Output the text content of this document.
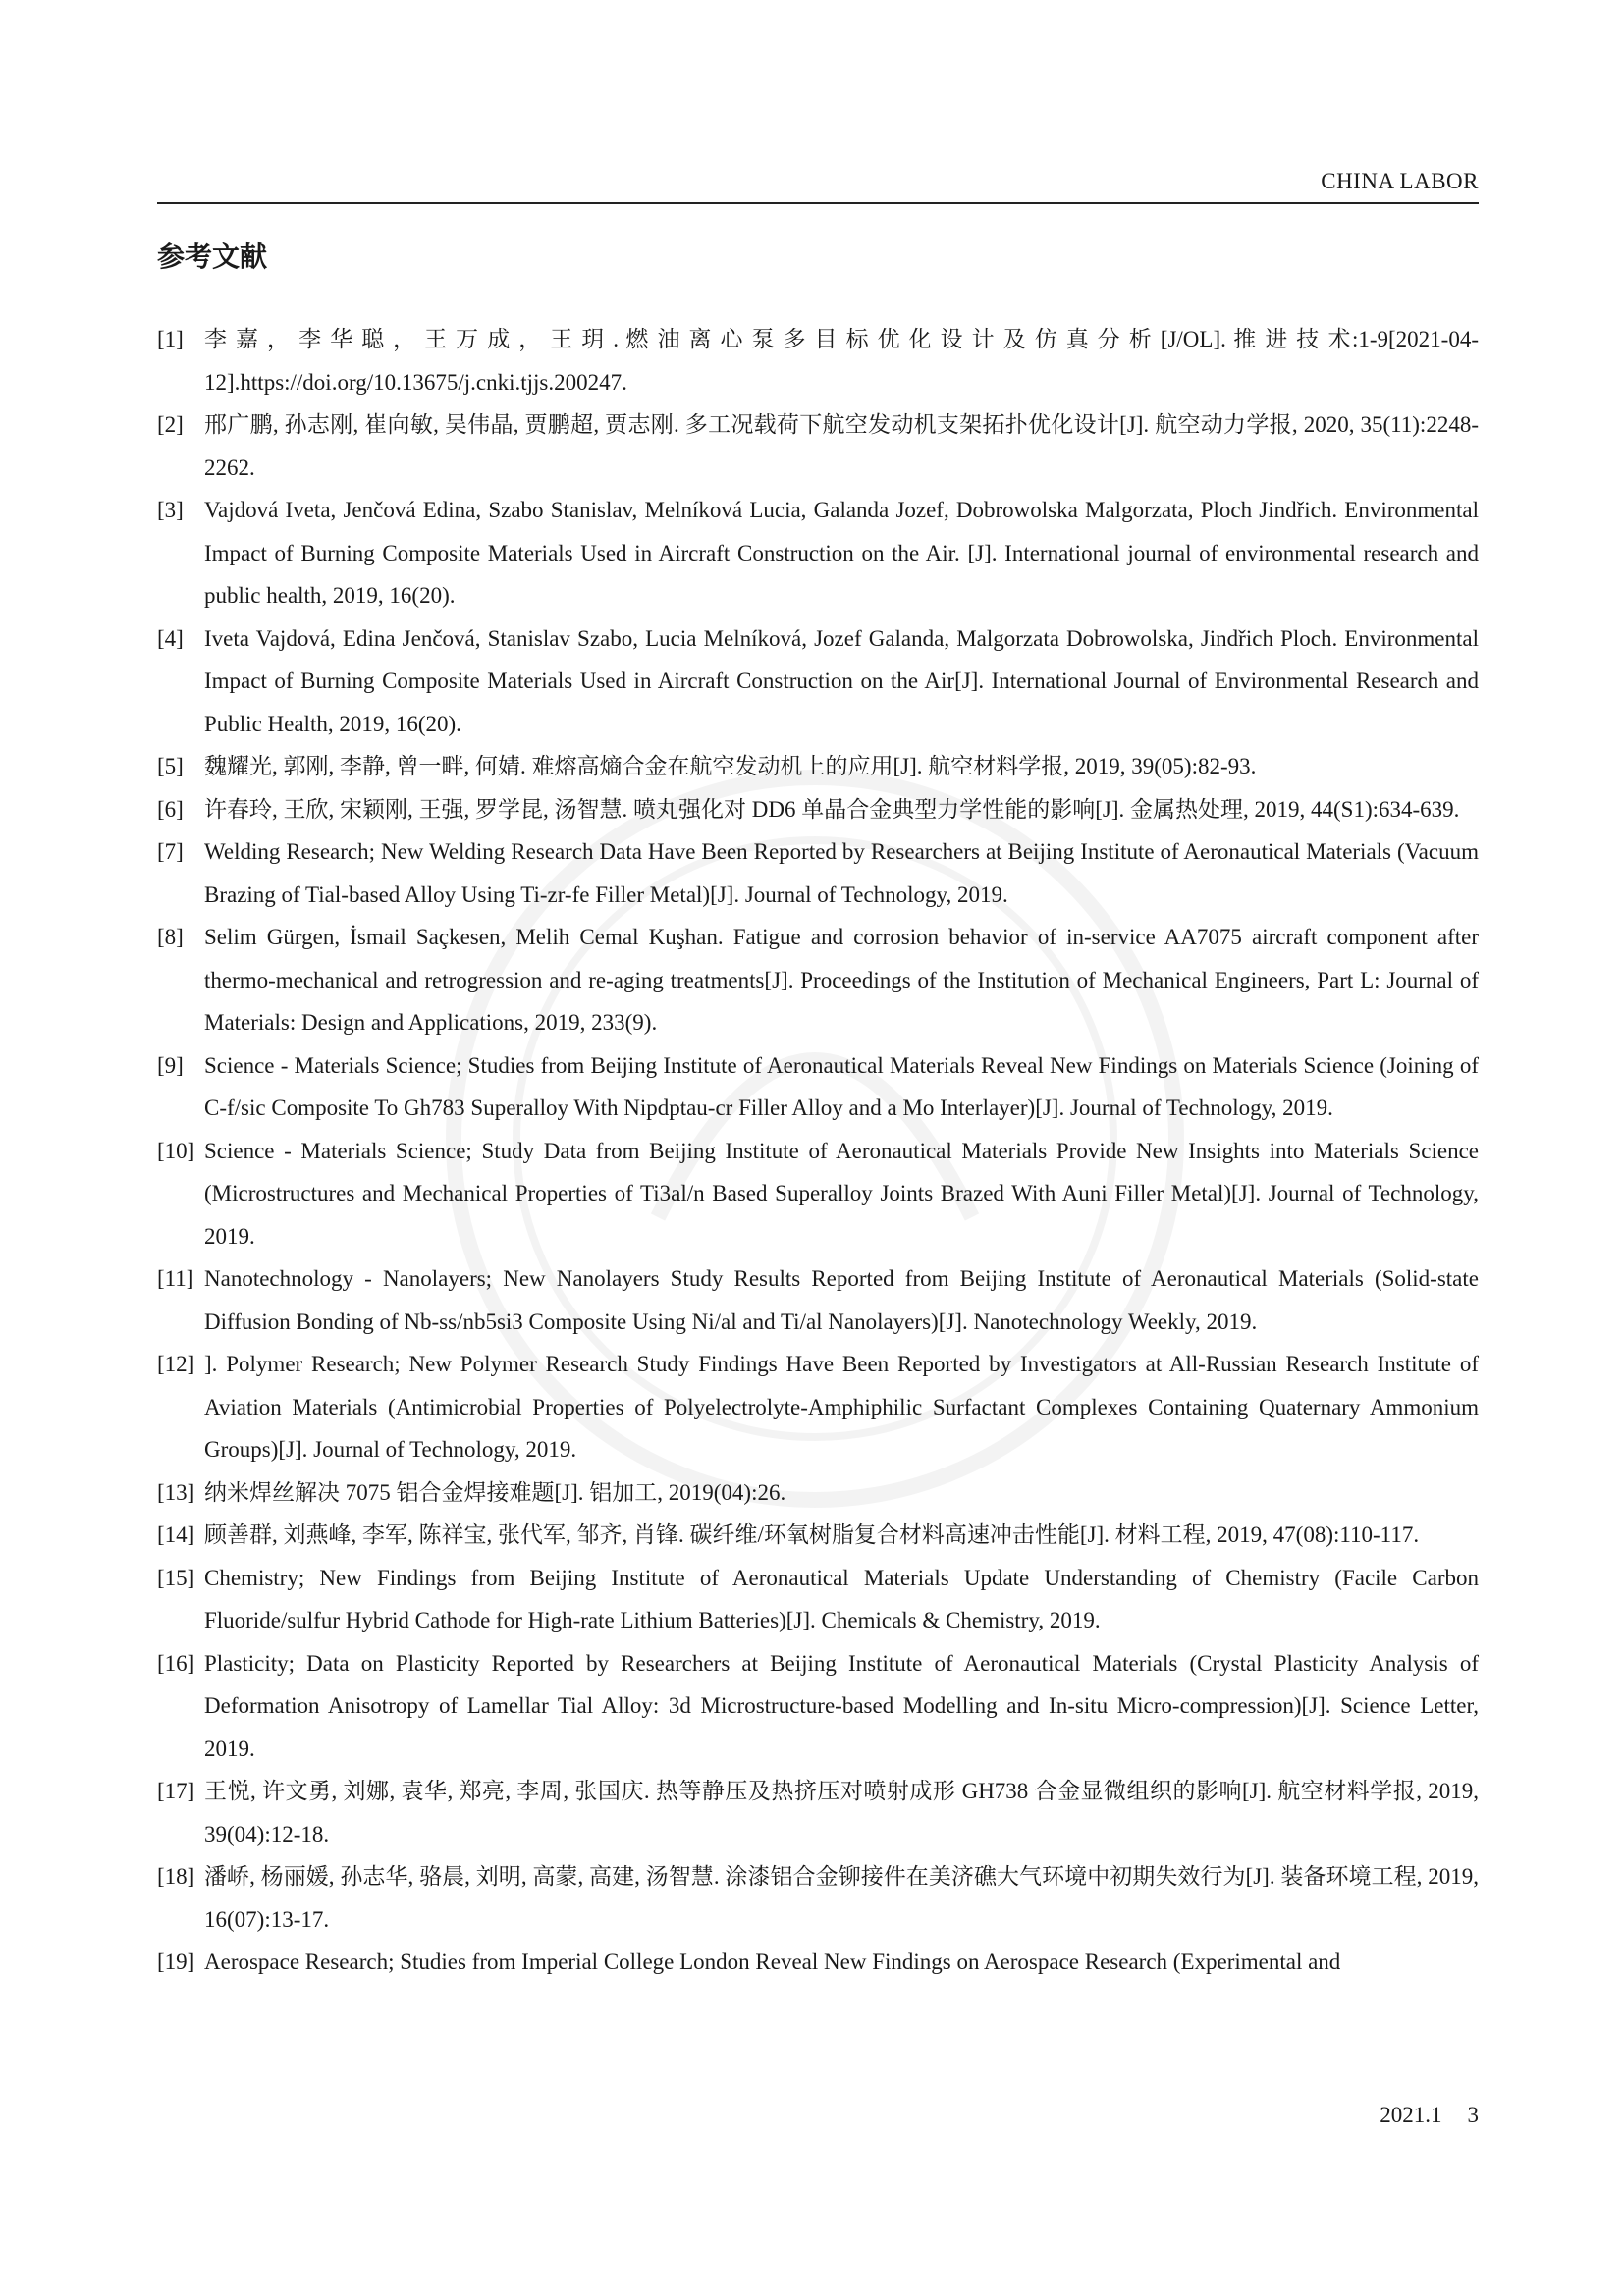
CHINA LABOR
参考文献
[1] 李 嘉 ， 李 华 聪 ， 王 万 成 ， 王 玥 . 燃 油 离 心 泵 多 目 标 优 化 设 计 及 仿 真 分 析 [J/OL]. 推 进 技 术:1-9[2021-04-12].https://doi.org/10.13675/j.cnki.tjjs.200247.
[2] 邢广鹏, 孙志刚, 崔向敏, 吴伟晶, 贾鹏超, 贾志刚. 多工况载荷下航空发动机支架拓扑优化设计[J]. 航空动力学报, 2020, 35(11):2248-2262.
[3] Vajdová Iveta, Jenčová Edina, Szabo Stanislav, Melníková Lucia, Galanda Jozef, Dobrowolska Malgorzata, Ploch Jindřich. Environmental Impact of Burning Composite Materials Used in Aircraft Construction on the Air. [J]. International journal of environmental research and public health, 2019, 16(20).
[4] Iveta Vajdová, Edina Jenčová, Stanislav Szabo, Lucia Melníková, Jozef Galanda, Malgorzata Dobrowolska, Jindřich Ploch. Environmental Impact of Burning Composite Materials Used in Aircraft Construction on the Air[J]. International Journal of Environmental Research and Public Health, 2019, 16(20).
[5] 魏耀光, 郭刚, 李静, 曾一畔, 何婧. 难熔高熵合金在航空发动机上的应用[J]. 航空材料学报, 2019, 39(05):82-93.
[6] 许春玲, 王欣, 宋颖刚, 王强, 罗学昆, 汤智慧. 喷丸强化对 DD6 单晶合金典型力学性能的影响[J]. 金属热处理, 2019, 44(S1):634-639.
[7] Welding Research; New Welding Research Data Have Been Reported by Researchers at Beijing Institute of Aeronautical Materials (Vacuum Brazing of Tial-based Alloy Using Ti-zr-fe Filler Metal)[J]. Journal of Technology, 2019.
[8] Selim Gürgen, İsmail Saçkesen, Melih Cemal Kuşhan. Fatigue and corrosion behavior of in-service AA7075 aircraft component after thermo-mechanical and retrogression and re-aging treatments[J]. Proceedings of the Institution of Mechanical Engineers, Part L: Journal of Materials: Design and Applications, 2019, 233(9).
[9] Science - Materials Science; Studies from Beijing Institute of Aeronautical Materials Reveal New Findings on Materials Science (Joining of C-f/sic Composite To Gh783 Superalloy With Nipdptau-cr Filler Alloy and a Mo Interlayer)[J]. Journal of Technology, 2019.
[10] Science - Materials Science; Study Data from Beijing Institute of Aeronautical Materials Provide New Insights into Materials Science (Microstructures and Mechanical Properties of Ti3al/n Based Superalloy Joints Brazed With Auni Filler Metal)[J]. Journal of Technology, 2019.
[11] Nanotechnology - Nanolayers; New Nanolayers Study Results Reported from Beijing Institute of Aeronautical Materials (Solid-state Diffusion Bonding of Nb-ss/nb5si3 Composite Using Ni/al and Ti/al Nanolayers)[J]. Nanotechnology Weekly, 2019.
[12] ]. Polymer Research; New Polymer Research Study Findings Have Been Reported by Investigators at All-Russian Research Institute of Aviation Materials (Antimicrobial Properties of Polyelectrolyte-Amphiphilic Surfactant Complexes Containing Quaternary Ammonium Groups)[J]. Journal of Technology, 2019.
[13] 纳米焊丝解决 7075 铝合金焊接难题[J]. 铝加工, 2019(04):26.
[14] 顾善群, 刘燕峰, 李军, 陈祥宝, 张代军, 邹齐, 肖锋. 碳纤维/环氧树脂复合材料高速冲击性能[J]. 材料工程, 2019, 47(08):110-117.
[15] Chemistry; New Findings from Beijing Institute of Aeronautical Materials Update Understanding of Chemistry (Facile Carbon Fluoride/sulfur Hybrid Cathode for High-rate Lithium Batteries)[J]. Chemicals & Chemistry, 2019.
[16] Plasticity; Data on Plasticity Reported by Researchers at Beijing Institute of Aeronautical Materials (Crystal Plasticity Analysis of Deformation Anisotropy of Lamellar Tial Alloy: 3d Microstructure-based Modelling and In-situ Micro-compression)[J]. Science Letter, 2019.
[17] 王悦, 许文勇, 刘娜, 袁华, 郑亮, 李周, 张国庆. 热等静压及热挤压对喷射成形 GH738 合金显微组织的影响[J]. 航空材料学报, 2019, 39(04):12-18.
[18] 潘峤, 杨丽媛, 孙志华, 骆晨, 刘明, 高蒙, 高建, 汤智慧. 涂漆铝合金铆接件在美济礁大气环境中初期失效行为[J]. 装备环境工程, 2019, 16(07):13-17.
[19] Aerospace Research; Studies from Imperial College London Reveal New Findings on Aerospace Research (Experimental and
2021.1 3
